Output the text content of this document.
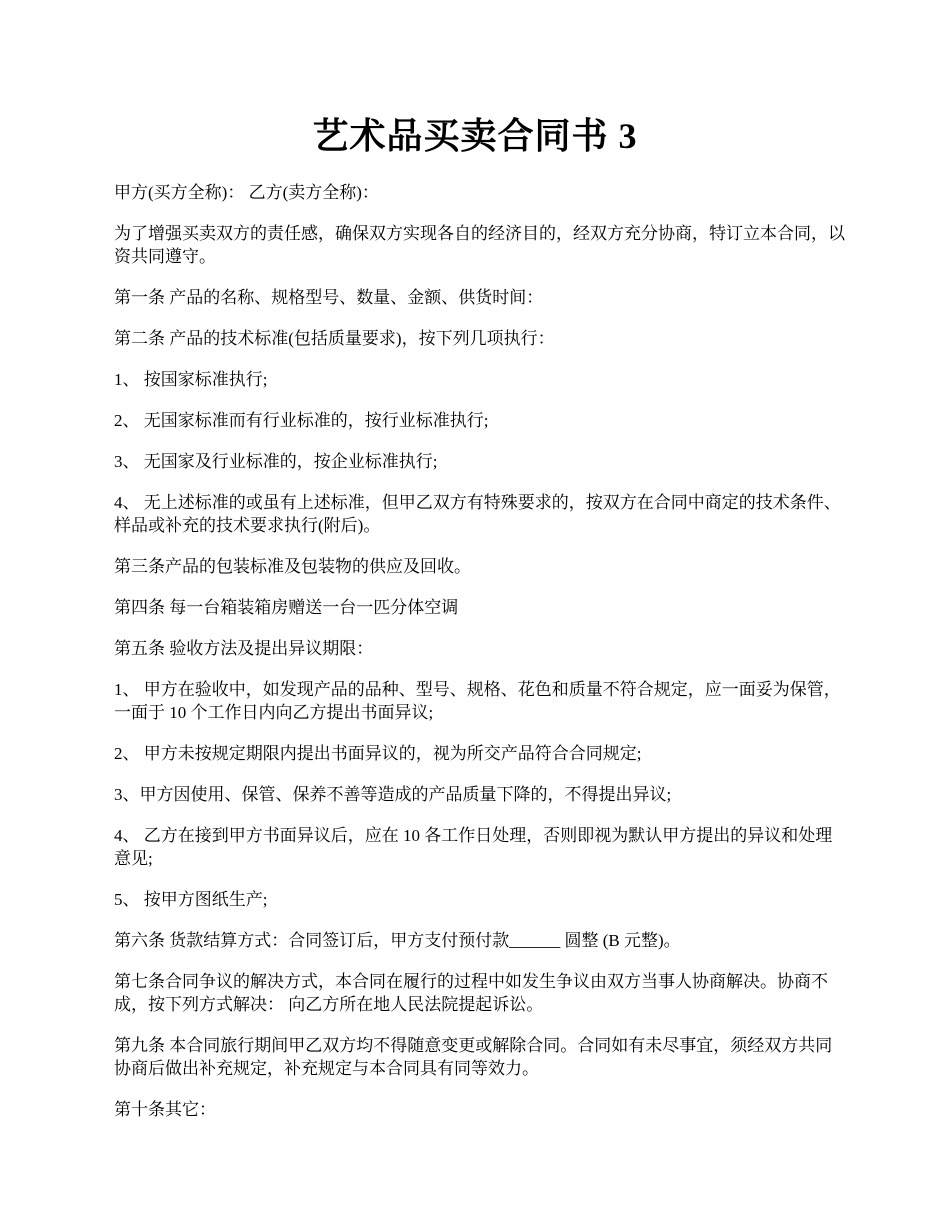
艺术品买卖合同书 3

甲方(买方全称)： 乙方(卖方全称)：

为了增强买卖双方的责任感，确保双方实现各自的经济目的，经双方充分协商，特订立本合同，以资共同遵守。

第一条 产品的名称、规格型号、数量、金额、供货时间：

第二条 产品的技术标准(包括质量要求)，按下列几项执行：

1、 按国家标准执行;

2、 无国家标准而有行业标准的，按行业标准执行;

3、 无国家及行业标准的，按企业标准执行;

4、 无上述标准的或虽有上述标准，但甲乙双方有特殊要求的，按双方在合同中商定的技术条件、样品或补充的技术要求执行(附后)。

第三条产品的包装标准及包装物的供应及回收。

第四条 每一台箱装箱房赠送一台一匹分体空调

第五条 验收方法及提出异议期限：

1、 甲方在验收中，如发现产品的品种、型号、规格、花色和质量不符合规定，应一面妥为保管，一面于 10 个工作日内向乙方提出书面异议;

2、 甲方未按规定期限内提出书面异议的，视为所交产品符合合同规定;

3、甲方因使用、保管、保养不善等造成的产品质量下降的，不得提出异议;

4、 乙方在接到甲方书面异议后，应在 10 各工作日处理，否则即视为默认甲方提出的异议和处理意见;

5、 按甲方图纸生产;

第六条 货款结算方式：合同签订后，甲方支付预付款______ 圆整 (B 元整)。

第七条合同争议的解决方式，本合同在履行的过程中如发生争议由双方当事人协商解决。协商不成，按下列方式解决： 向乙方所在地人民法院提起诉讼。

第九条 本合同旅行期间甲乙双方均不得随意变更或解除合同。合同如有未尽事宜，须经双方共同协商后做出补充规定，补充规定与本合同具有同等效力。

第十条其它：
